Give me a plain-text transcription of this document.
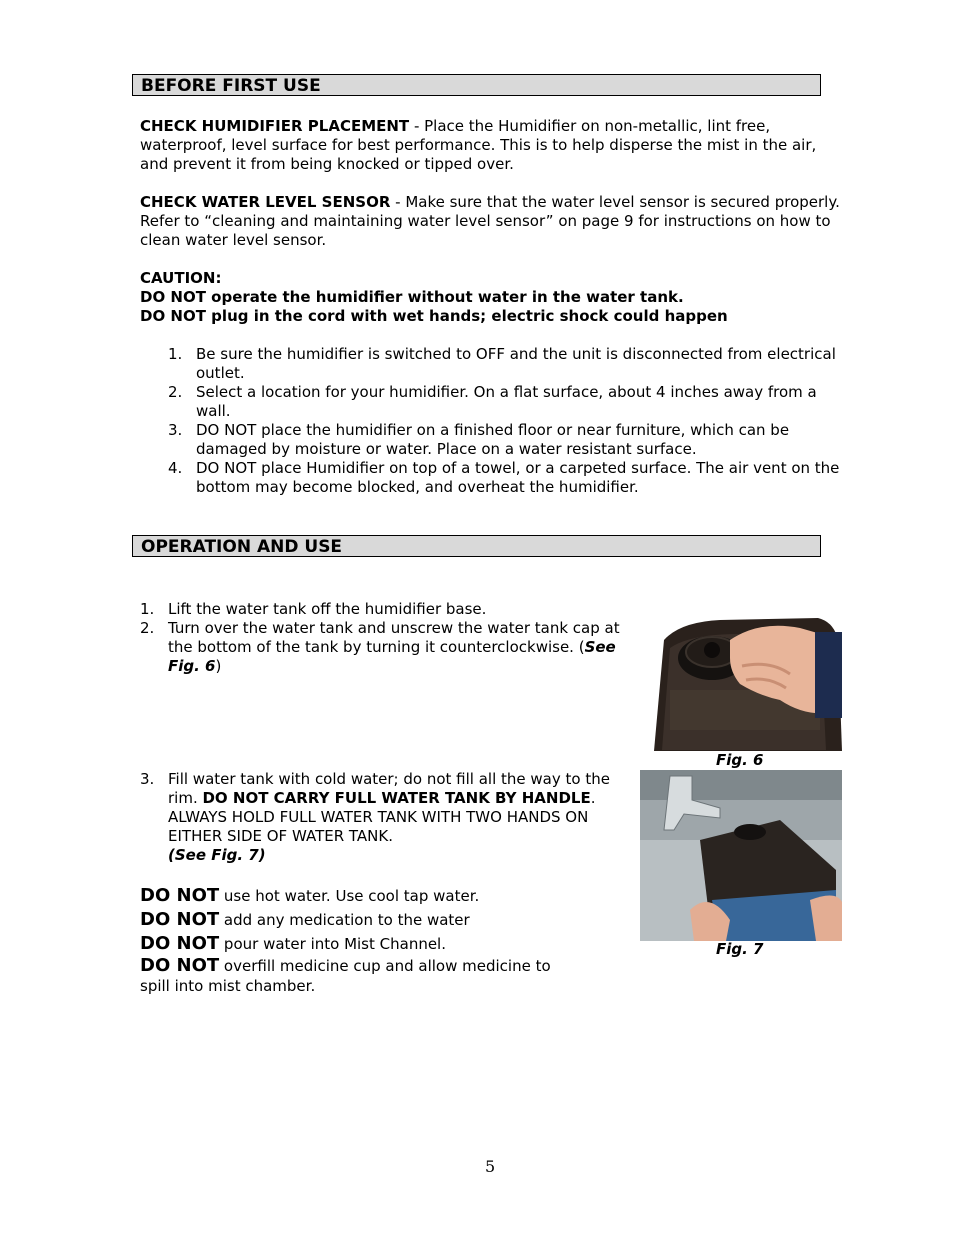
BEFORE FIRST USE
CHECK HUMIDIFIER PLACEMENT - Place the Humidifier on non-metallic, lint free, waterproof, level surface for best performance. This is to help disperse the mist in the air, and prevent it from being knocked or tipped over.
CHECK WATER LEVEL SENSOR - Make sure that the water level sensor is secured properly. Refer to “cleaning and maintaining water level sensor” on page 9 for instructions on how to clean water level sensor.
CAUTION:
DO NOT operate the humidifier without water in the water tank.
DO NOT plug in the cord with wet hands; electric shock could happen
1. Be sure the humidifier is switched to OFF and the unit is disconnected from electrical outlet.
2. Select a location for your humidifier. On a flat surface, about 4 inches away from a wall.
3. DO NOT place the humidifier on a finished floor or near furniture, which can be damaged by moisture or water. Place on a water resistant surface.
4. DO NOT place Humidifier on top of a towel, or a carpeted surface. The air vent on the bottom may become blocked, and overheat the humidifier.
OPERATION AND USE
1. Lift the water tank off the humidifier base.
2. Turn over the water tank and unscrew the water tank cap at the bottom of the tank by turning it counterclockwise. (See Fig. 6)
3. Fill water tank with cold water; do not fill all the way to the rim. DO NOT CARRY FULL WATER TANK BY HANDLE. ALWAYS HOLD FULL WATER TANK WITH TWO HANDS ON EITHER SIDE OF WATER TANK.
(See Fig. 7)
DO NOT use hot water. Use cool tap water.
DO NOT add any medication to the water
DO NOT pour water into Mist Channel.
DO NOT overfill medicine cup and allow medicine to spill into mist chamber.
Fig. 6
Fig. 7
5
